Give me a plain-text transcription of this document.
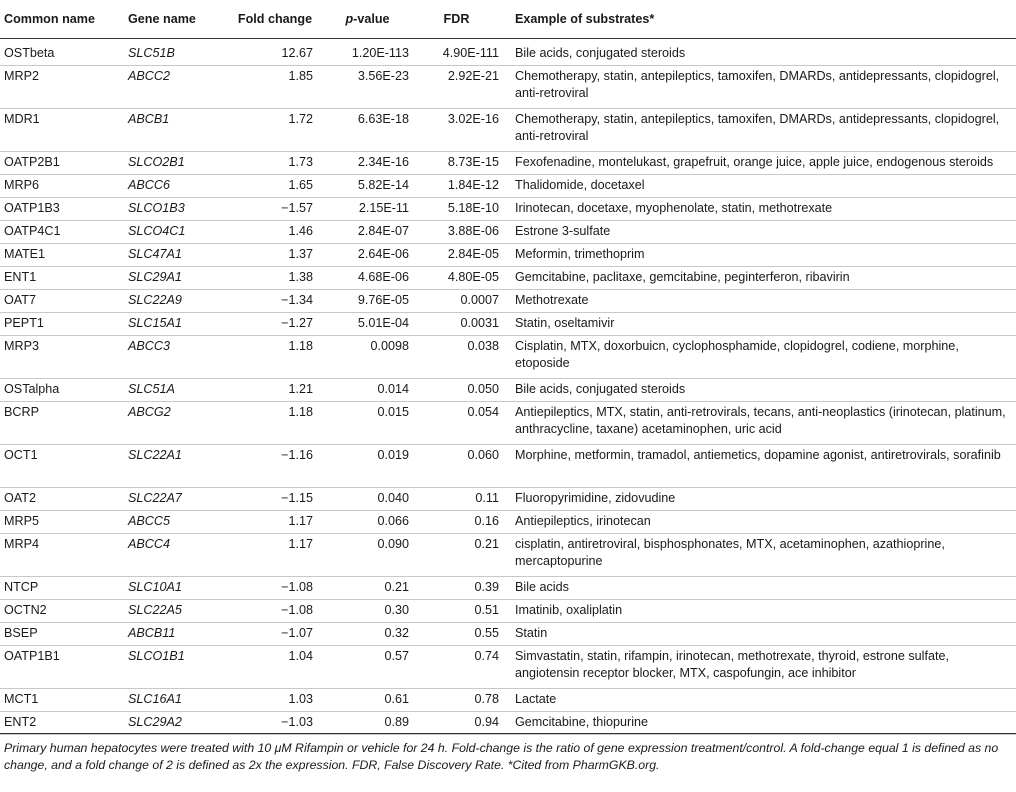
Common name	Gene name	Fold change	p-value	FDR	Example of substrates*
OSTbeta	SLC51B	12.67	1.20E-113	4.90E-111	Bile acids, conjugated steroids
MRP2	ABCC2	1.85	3.56E-23	2.92E-21	Chemotherapy, statin, antepileptics, tamoxifen, DMARDs, antidepressants, clopidogrel, anti-retroviral
MDR1	ABCB1	1.72	6.63E-18	3.02E-16	Chemotherapy, statin, antepileptics, tamoxifen, DMARDs, antidepressants, clopidogrel, anti-retroviral
OATP2B1	SLCO2B1	1.73	2.34E-16	8.73E-15	Fexofenadine, montelukast, grapefruit, orange juice, apple juice, endogenous steroids
MRP6	ABCC6	1.65	5.82E-14	1.84E-12	Thalidomide, docetaxel
OATP1B3	SLCO1B3	−1.57	2.15E-11	5.18E-10	Irinotecan, docetaxe, myophenolate, statin, methotrexate
OATP4C1	SLCO4C1	1.46	2.84E-07	3.88E-06	Estrone 3-sulfate
MATE1	SLC47A1	1.37	2.64E-06	2.84E-05	Meformin, trimethoprim
ENT1	SLC29A1	1.38	4.68E-06	4.80E-05	Gemcitabine, paclitaxe, gemcitabine, peginterferon, ribavirin
OAT7	SLC22A9	−1.34	9.76E-05	0.0007	Methotrexate
PEPT1	SLC15A1	−1.27	5.01E-04	0.0031	Statin, oseltamivir
MRP3	ABCC3	1.18	0.0098	0.038	Cisplatin, MTX, doxorbuicn, cyclophosphamide, clopidogrel, codiene, morphine, etoposide
OSTalpha	SLC51A	1.21	0.014	0.050	Bile acids, conjugated steroids
BCRP	ABCG2	1.18	0.015	0.054	Antiepileptics, MTX, statin, anti-retrovirals, tecans, anti-neoplastics (irinotecan, platinum, anthracycline, taxane) acetaminophen, uric acid
OCT1	SLC22A1	−1.16	0.019	0.060	Morphine, metformin, tramadol, antiemetics, dopamine agonist, antiretrovirals, sorafinib
OAT2	SLC22A7	−1.15	0.040	0.11	Fluoropyrimidine, zidovudine
MRP5	ABCC5	1.17	0.066	0.16	Antiepileptics, irinotecan
MRP4	ABCC4	1.17	0.090	0.21	cisplatin, antiretroviral, bisphosphonates, MTX, acetaminophen, azathioprine, mercaptopurine
NTCP	SLC10A1	−1.08	0.21	0.39	Bile acids
OCTN2	SLC22A5	−1.08	0.30	0.51	Imatinib, oxaliplatin
BSEP	ABCB11	−1.07	0.32	0.55	Statin
OATP1B1	SLCO1B1	1.04	0.57	0.74	Simvastatin, statin, rifampin, irinotecan, methotrexate, thyroid, estrone sulfate, angiotensin receptor blocker, MTX, caspofungin, ace inhibitor
MCT1	SLC16A1	1.03	0.61	0.78	Lactate
ENT2	SLC29A2	−1.03	0.89	0.94	Gemcitabine, thiopurine
Primary human hepatocytes were treated with 10 μM Rifampin or vehicle for 24 h. Fold-change is the ratio of gene expression treatment/control. A fold-change equal 1 is defined as no change, and a fold change of 2 is defined as 2x the expression. FDR, False Discovery Rate. *Cited from PharmGKB.org.
